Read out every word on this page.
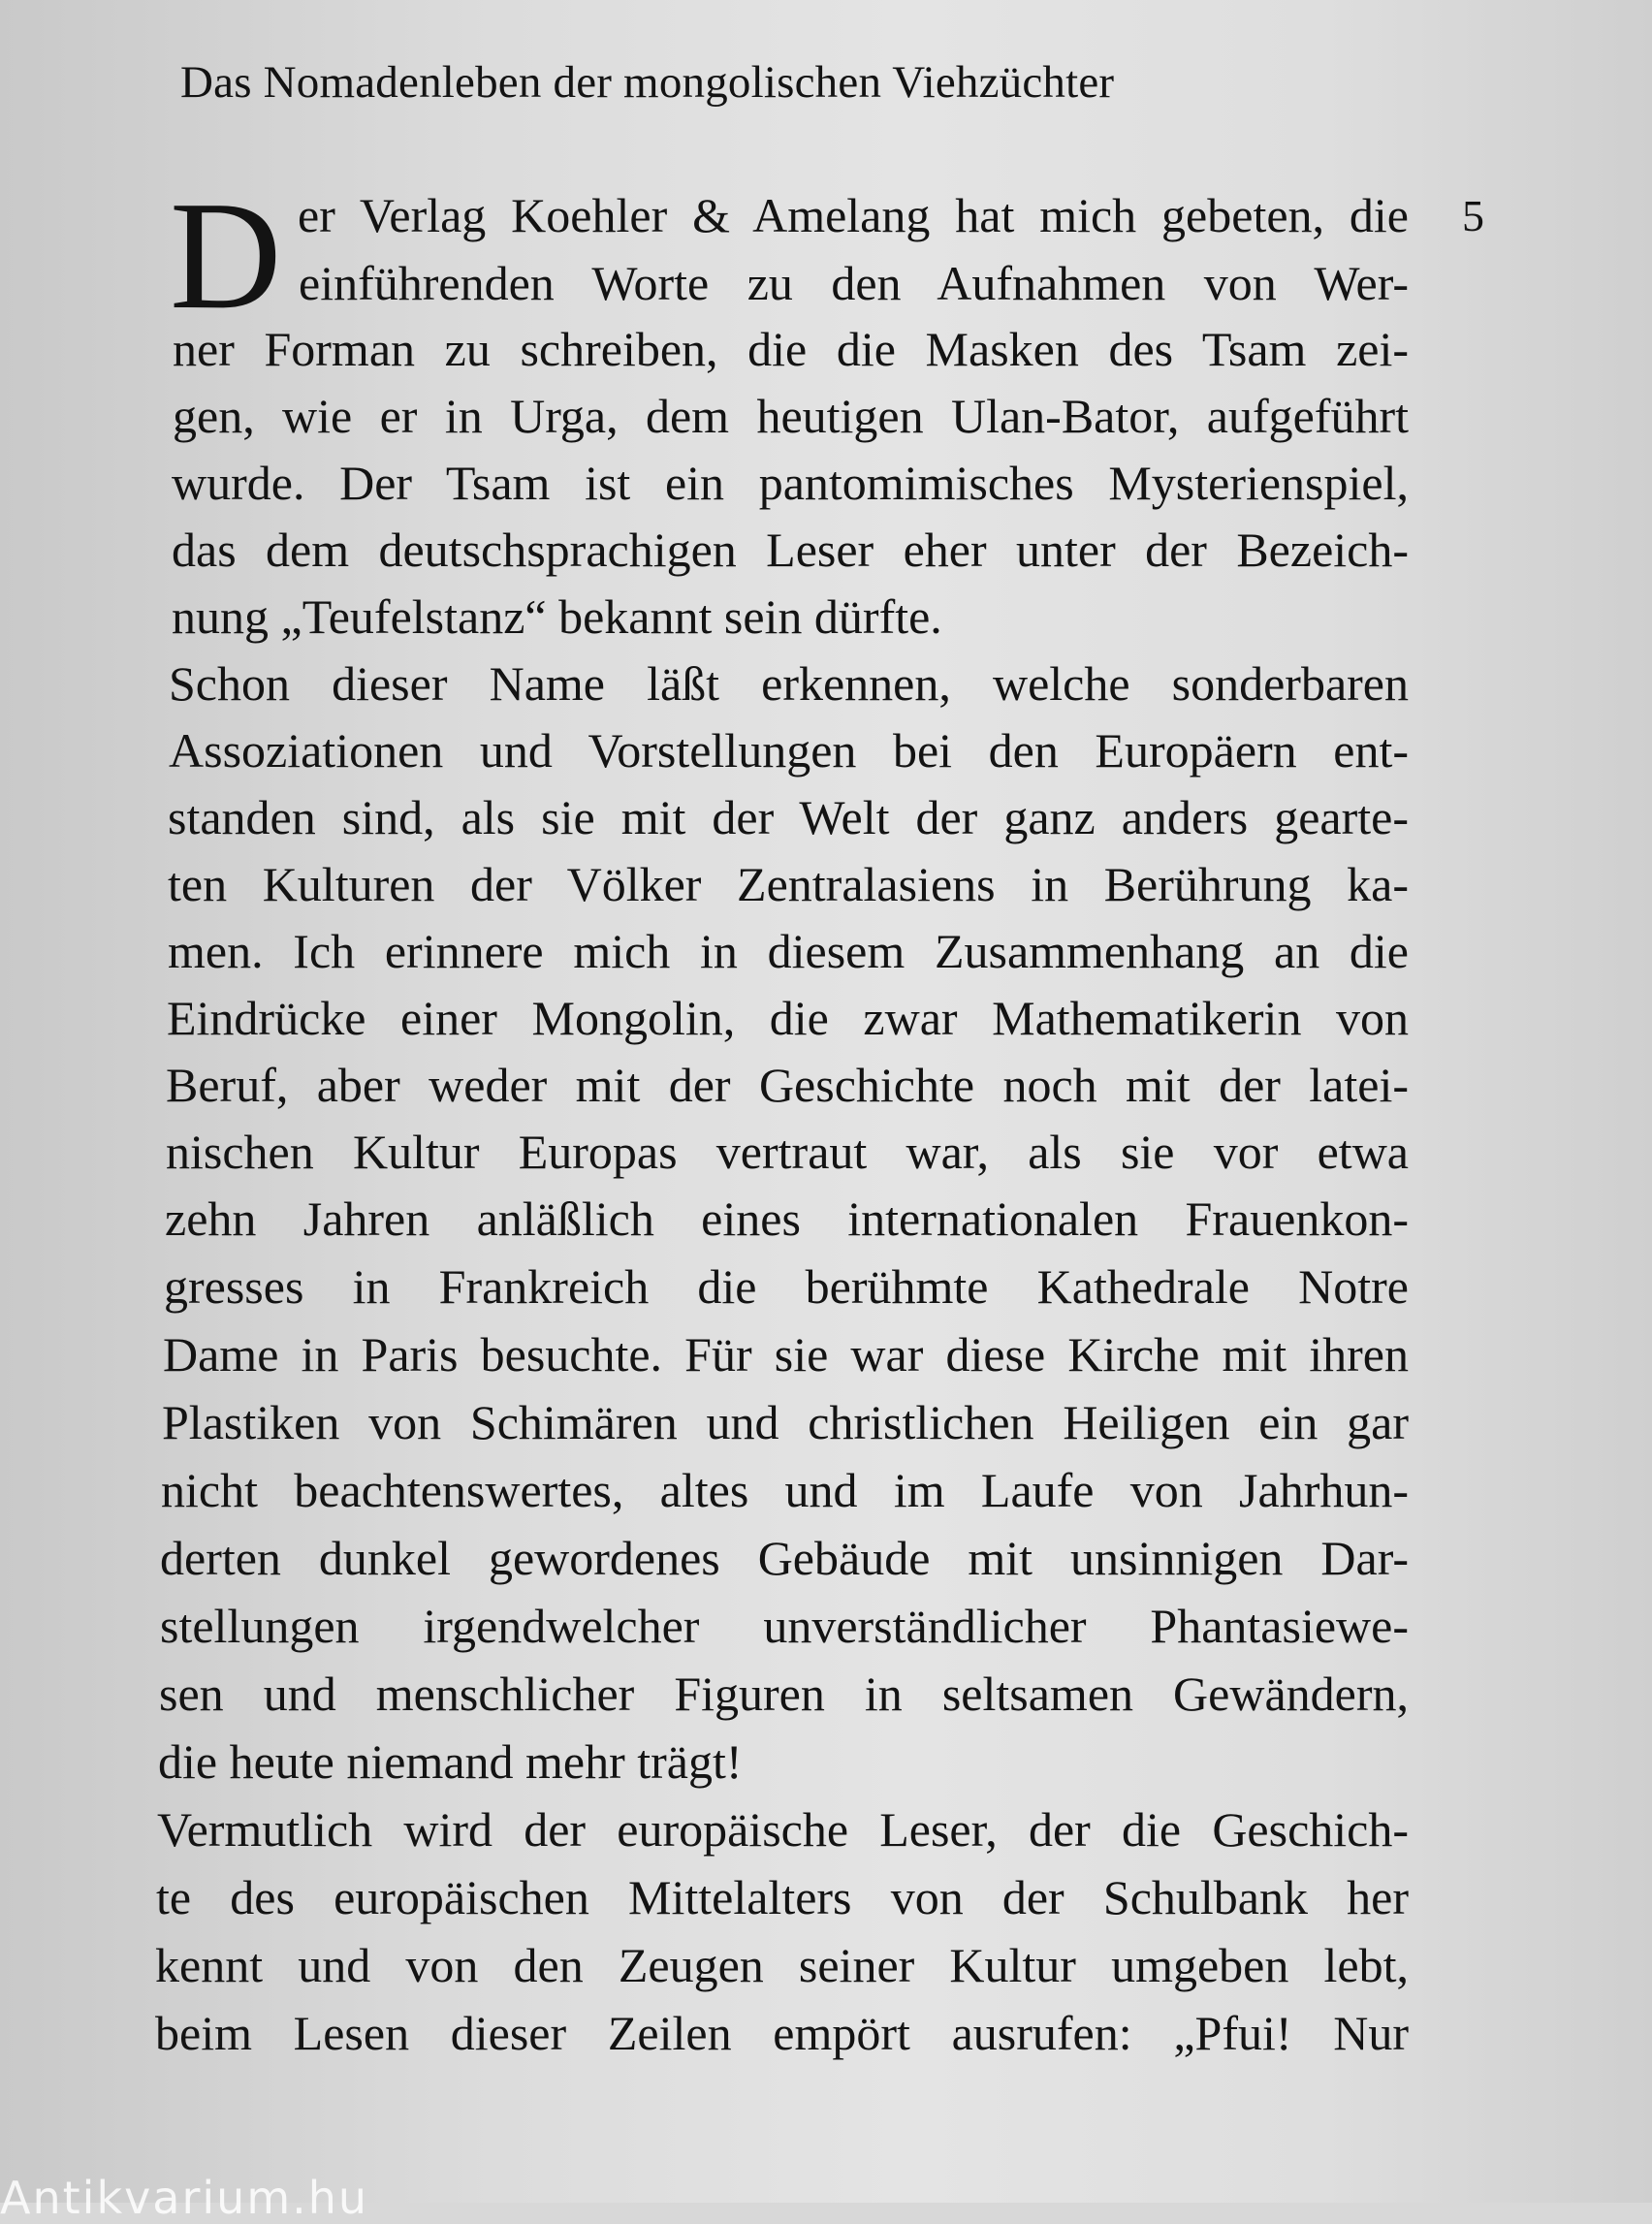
Das Nomadenleben der mongolischen Viehzüchter
5
D er Verlag Koehler & Amelang hat mich gebeten, die
einführenden Worte zu den Aufnahmen von Wer-
ner Forman zu schreiben, die die Masken des Tsam zei-
gen, wie er in Urga, dem heutigen Ulan-Bator, aufgeführt
wurde. Der Tsam ist ein pantomimisches Mysterienspiel,
das dem deutschsprachigen Leser eher unter der Bezeich-
nung „Teufelstanz“ bekannt sein dürfte.
Schon dieser Name läßt erkennen, welche sonderbaren
Assoziationen und Vorstellungen bei den Europäern ent-
standen sind, als sie mit der Welt der ganz anders gearte-
ten Kulturen der Völker Zentralasiens in Berührung ka-
men. Ich erinnere mich in diesem Zusammenhang an die
Eindrücke einer Mongolin, die zwar Mathematikerin von
Beruf, aber weder mit der Geschichte noch mit der latei-
nischen Kultur Europas vertraut war, als sie vor etwa
zehn Jahren anläßlich eines internationalen Frauenkon-
gresses in Frankreich die berühmte Kathedrale Notre
Dame in Paris besuchte. Für sie war diese Kirche mit ihren
Plastiken von Schimären und christlichen Heiligen ein gar
nicht beachtenswertes, altes und im Laufe von Jahrhun-
derten dunkel gewordenes Gebäude mit unsinnigen Dar-
stellungen irgendwelcher unverständlicher Phantasiewe-
sen und menschlicher Figuren in seltsamen Gewändern,
die heute niemand mehr trägt!
Vermutlich wird der europäische Leser, der die Geschich-
te des europäischen Mittelalters von der Schulbank her
kennt und von den Zeugen seiner Kultur umgeben lebt,
beim Lesen dieser Zeilen empört ausrufen: „Pfui! Nur
Antikvarium.hu
